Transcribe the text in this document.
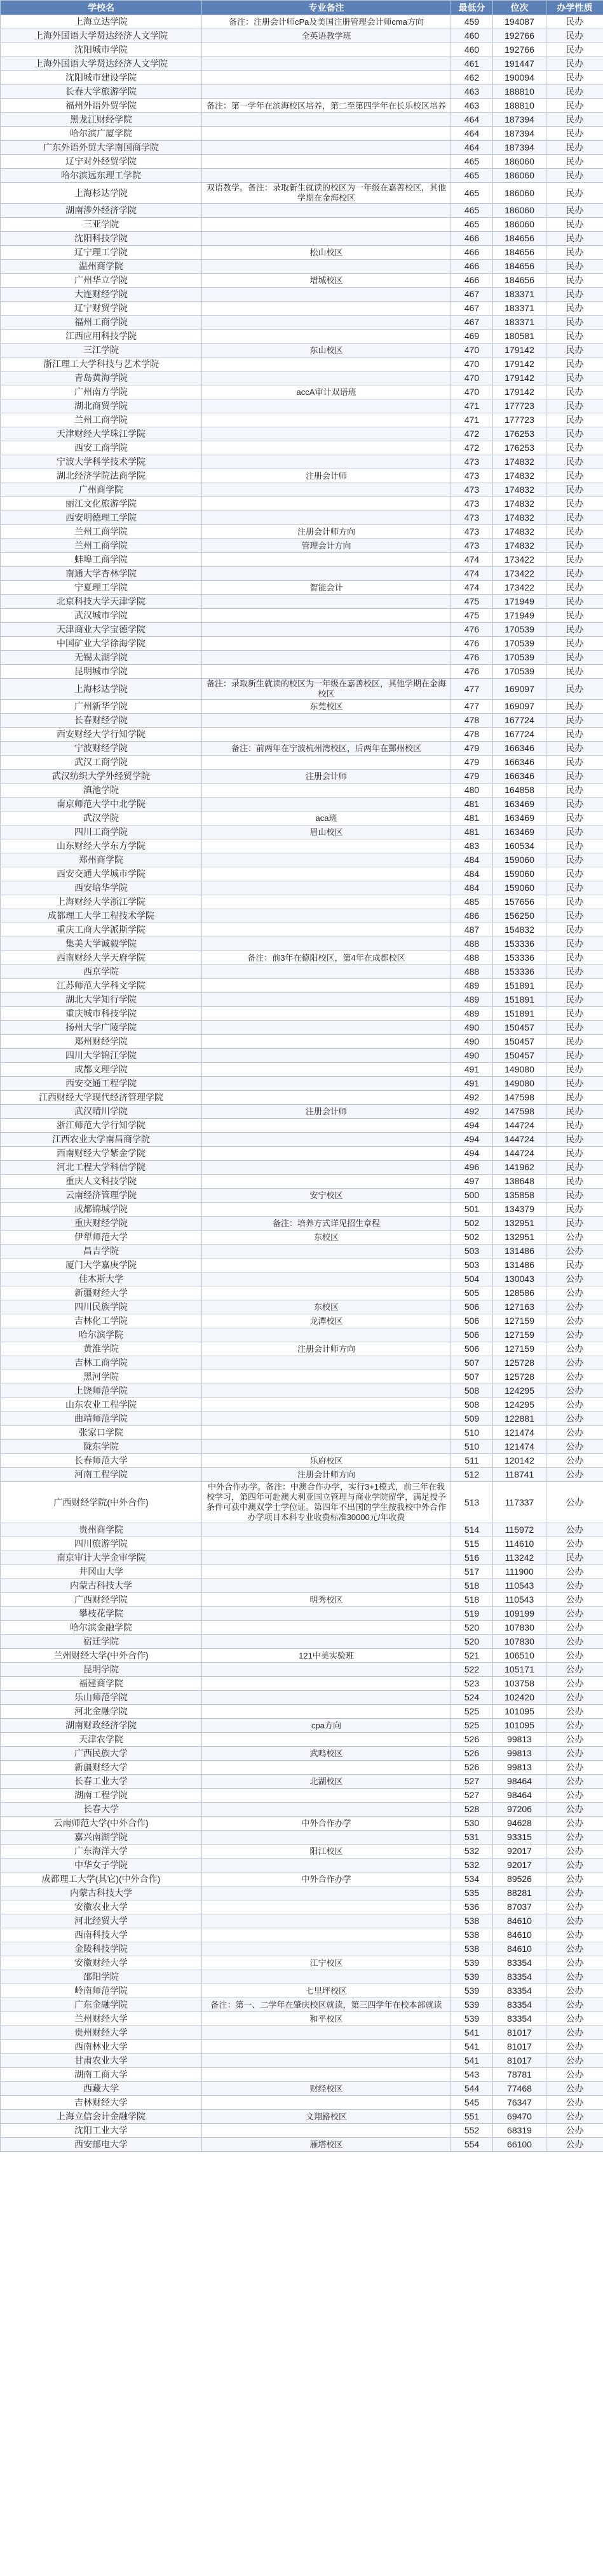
学校名	专业备注	最低分	位次	办学性质
上海立达学院	备注：注册会计师cPa及美国注册管理会计师cma方向	459	194087	民办
上海外国语大学贤达经济人文学院	全英语教学班	460	192766	民办
沈阳城市学院		460	192766	民办
上海外国语大学贤达经济人文学院		461	191447	民办
沈阳城市建设学院		462	190094	民办
长春大学旅游学院		463	188810	民办
福州外语外贸学院	备注：第一学年在滨海校区培养，第二至第四学年在长乐校区培养	463	188810	民办
黑龙江财经学院		464	187394	民办
哈尔滨广厦学院		464	187394	民办
广东外语外贸大学南国商学院		464	187394	民办
辽宁对外经贸学院		465	186060	民办
哈尔滨远东理工学院		465	186060	民办
上海杉达学院	双语教学。备注：录取新生就读的校区为一年级在嘉善校区，其他学期在金海校区	465	186060	民办
湖南涉外经济学院		465	186060	民办
三亚学院		465	186060	民办
沈阳科技学院		466	184656	民办
辽宁理工学院	松山校区	466	184656	民办
温州商学院		466	184656	民办
广州华立学院	增城校区	466	184656	民办
大连财经学院		467	183371	民办
辽宁财贸学院		467	183371	民办
福州工商学院		467	183371	民办
江西应用科技学院		469	180581	民办
三江学院	东山校区	470	179142	民办
浙江理工大学科技与艺术学院		470	179142	民办
青岛黄海学院		470	179142	民办
广州南方学院	accA审计双语班	470	179142	民办
湖北商贸学院		471	177723	民办
兰州工商学院		471	177723	民办
天津财经大学珠江学院		472	176253	民办
西安工商学院		472	176253	民办
宁波大学科学技术学院		473	174832	民办
湖北经济学院法商学院	注册会计师	473	174832	民办
广州商学院		473	174832	民办
丽江文化旅游学院		473	174832	民办
西安明德理工学院		473	174832	民办
兰州工商学院	注册会计师方向	473	174832	民办
兰州工商学院	管理会计方向	473	174832	民办
蚌埠工商学院		474	173422	民办
南通大学杏林学院		474	173422	民办
宁夏理工学院	智能会计	474	173422	民办
北京科技大学天津学院		475	171949	民办
武汉城市学院		475	171949	民办
天津商业大学宝德学院		476	170539	民办
中国矿业大学徐海学院		476	170539	民办
无锡太湖学院		476	170539	民办
昆明城市学院		476	170539	民办
上海杉达学院	备注：录取新生就读的校区为一年级在嘉善校区，其他学期在金海校区	477	169097	民办
广州新华学院	东莞校区	477	169097	民办
长春财经学院		478	167724	民办
西安财经大学行知学院		478	167724	民办
宁波财经学院	备注：前两年在宁波杭州湾校区，后两年在鄞州校区	479	166346	民办
武汉工商学院		479	166346	民办
武汉纺织大学外经贸学院	注册会计师	479	166346	民办
滇池学院		480	164858	民办
南京师范大学中北学院		481	163469	民办
武汉学院	aca班	481	163469	民办
四川工商学院	眉山校区	481	163469	民办
山东财经大学东方学院		483	160534	民办
郑州商学院		484	159060	民办
西安交通大学城市学院		484	159060	民办
西安培华学院		484	159060	民办
上海财经大学浙江学院		485	157656	民办
成都理工大学工程技术学院		486	156250	民办
重庆工商大学派斯学院		487	154832	民办
集美大学诚毅学院		488	153336	民办
西南财经大学天府学院	备注：前3年在德阳校区，第4年在成都校区	488	153336	民办
西京学院		488	153336	民办
江苏师范大学科文学院		489	151891	民办
湖北大学知行学院		489	151891	民办
重庆城市科技学院		489	151891	民办
扬州大学广陵学院		490	150457	民办
郑州财经学院		490	150457	民办
四川大学锦江学院		490	150457	民办
成都文理学院		491	149080	民办
西安交通工程学院		491	149080	民办
江西财经大学现代经济管理学院		492	147598	民办
武汉晴川学院	注册会计师	492	147598	民办
浙江师范大学行知学院		494	144724	民办
江西农业大学南昌商学院		494	144724	民办
西南财经大学紫金学院		494	144724	民办
河北工程大学科信学院		496	141962	民办
重庆人文科技学院		497	138648	民办
云南经济管理学院	安宁校区	500	135858	民办
成都锦城学院		501	134379	民办
重庆财经学院	备注：培养方式详见招生章程	502	132951	民办
伊犁师范大学	东校区	502	132951	公办
昌吉学院		503	131486	公办
厦门大学嘉庚学院		503	131486	民办
佳木斯大学		504	130043	公办
新疆财经大学		505	128586	公办
四川民族学院	东校区	506	127163	公办
吉林化工学院	龙潭校区	506	127159	公办
哈尔滨学院		506	127159	公办
黄淮学院	注册会计师方向	506	127159	公办
吉林工商学院		507	125728	公办
黑河学院		507	125728	公办
上饶师范学院		508	124295	公办
山东农业工程学院		508	124295	公办
曲靖师范学院		509	122881	公办
张家口学院		510	121474	公办
陇东学院		510	121474	公办
长春师范大学	乐府校区	511	120142	公办
河南工程学院	注册会计师方向	512	118741	公办
广西财经学院(中外合作)	中外合作办学。备注：中澳合作办学，实行3+1模式，前三年在我校学习，第四年可赴澳大利亚国立管理与商业学院留学，满足授予条件可获中澳双学士学位证。第四年不出国的学生按我校中外合作办学项目本科专业收费标准30000元/年收费	513	117337	公办
贵州商学院		514	115972	公办
四川旅游学院		515	114610	公办
南京审计大学金审学院		516	113242	民办
井冈山大学		517	111900	公办
内蒙古科技大学		518	110543	公办
广西财经学院	明秀校区	518	110543	公办
攀枝花学院		519	109199	公办
哈尔滨金融学院		520	107830	公办
宿迁学院		520	107830	公办
兰州财经大学(中外合作)	121中美实验班	521	106510	公办
昆明学院		522	105171	公办
福建商学院		523	103758	公办
乐山师范学院		524	102420	公办
河北金融学院		525	101095	公办
湖南财政经济学院	cpa方向	525	101095	公办
天津农学院		526	99813	公办
广西民族大学	武鸣校区	526	99813	公办
新疆财经大学		526	99813	公办
长春工业大学	北湖校区	527	98464	公办
湖南工程学院		527	98464	公办
长春大学		528	97206	公办
云南师范大学(中外合作)	中外合作办学	530	94628	公办
嘉兴南湖学院		531	93315	公办
广东海洋大学	阳江校区	532	92017	公办
中华女子学院		532	92017	公办
成都理工大学(其它)(中外合作)	中外合作办学	534	89526	公办
内蒙古科技大学		535	88281	公办
安徽农业大学		536	87037	公办
河北经贸大学		538	84610	公办
西南科技大学		538	84610	公办
金陵科技学院		538	84610	公办
安徽财经大学	江宁校区	539	83354	公办
邵阳学院		539	83354	公办
岭南师范学院	七里坪校区	539	83354	公办
广东金融学院	备注：第一、二学年在肇庆校区就读，第三四学年在校本部就读	539	83354	公办
兰州财经大学	和平校区	539	83354	公办
贵州财经大学		541	81017	公办
西南林业大学		541	81017	公办
甘肃农业大学		541	81017	公办
湖南工商大学		543	78781	公办
西藏大学	财经校区	544	77468	公办
吉林财经大学		545	76347	公办
上海立信会计金融学院	文翔路校区	551	69470	公办
沈阳工业大学		552	68319	公办
西安邮电大学	雁塔校区	554	66100	公办
